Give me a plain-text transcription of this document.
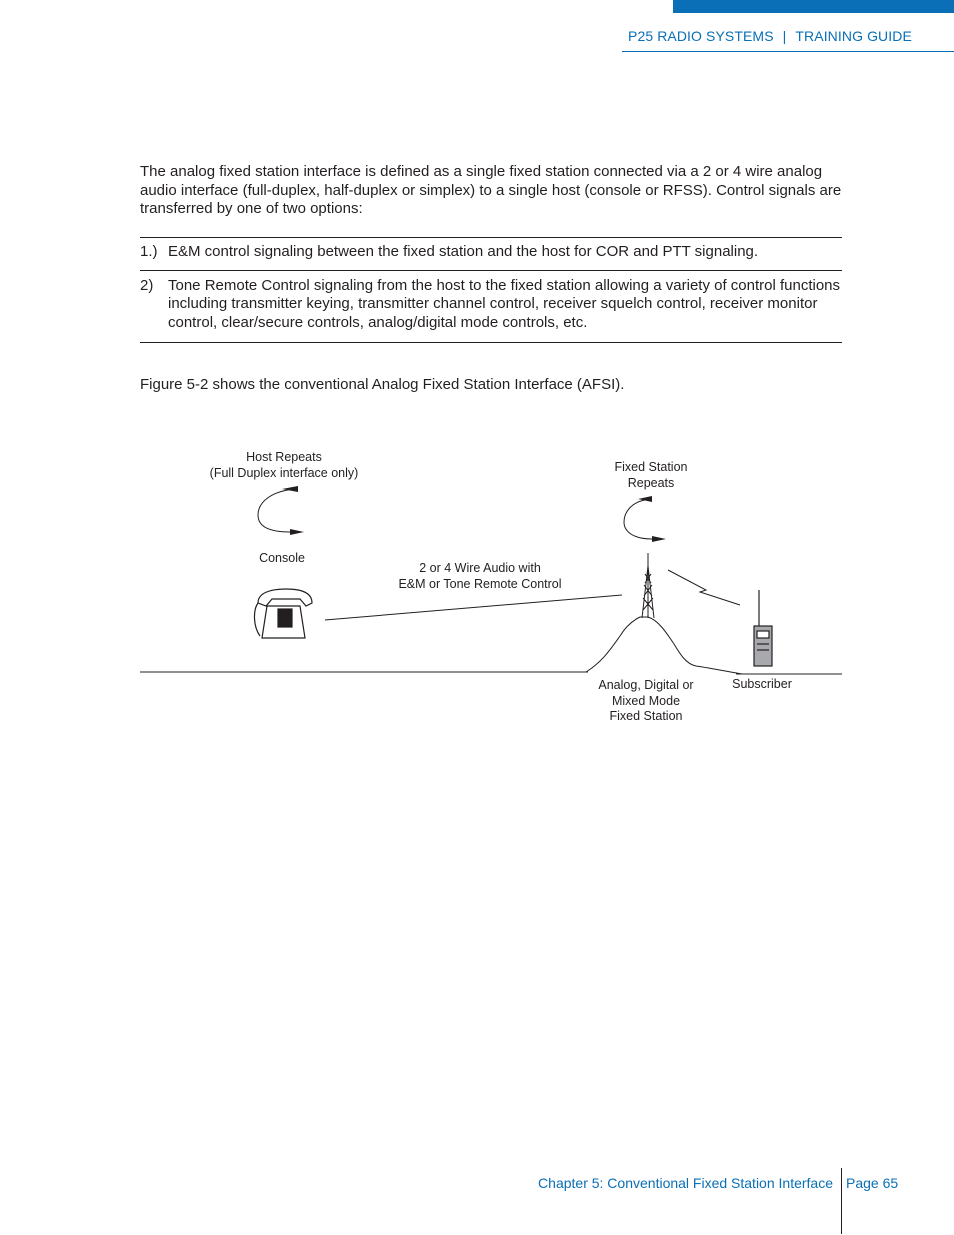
P25 RADIO SYSTEMS | TRAINING GUIDE

The analog fixed station interface is defined as a single fixed station connected via a 2 or 4 wire analog audio interface (full-duplex, half-duplex or simplex) to a single host (console or RFSS). Control signals are transferred by one of two options:

1.) E&M control signaling between the fixed station and the host for COR and PTT signaling.
2) Tone Remote Control signaling from the host to the fixed station allowing a variety of control functions including transmitter keying, transmitter channel control, receiver squelch control, receiver monitor control, clear/secure controls, analog/digital mode controls, etc.

Figure 5-2 shows the conventional Analog Fixed Station Interface (AFSI).

Host Repeats
(Full Duplex interface only)
Console
2 or 4 Wire Audio with
E&M or Tone Remote Control
Fixed Station
Repeats
Analog, Digital or
Mixed Mode
Fixed Station
Subscriber
Chapter 5: Conventional Fixed Station Interface Page 65
